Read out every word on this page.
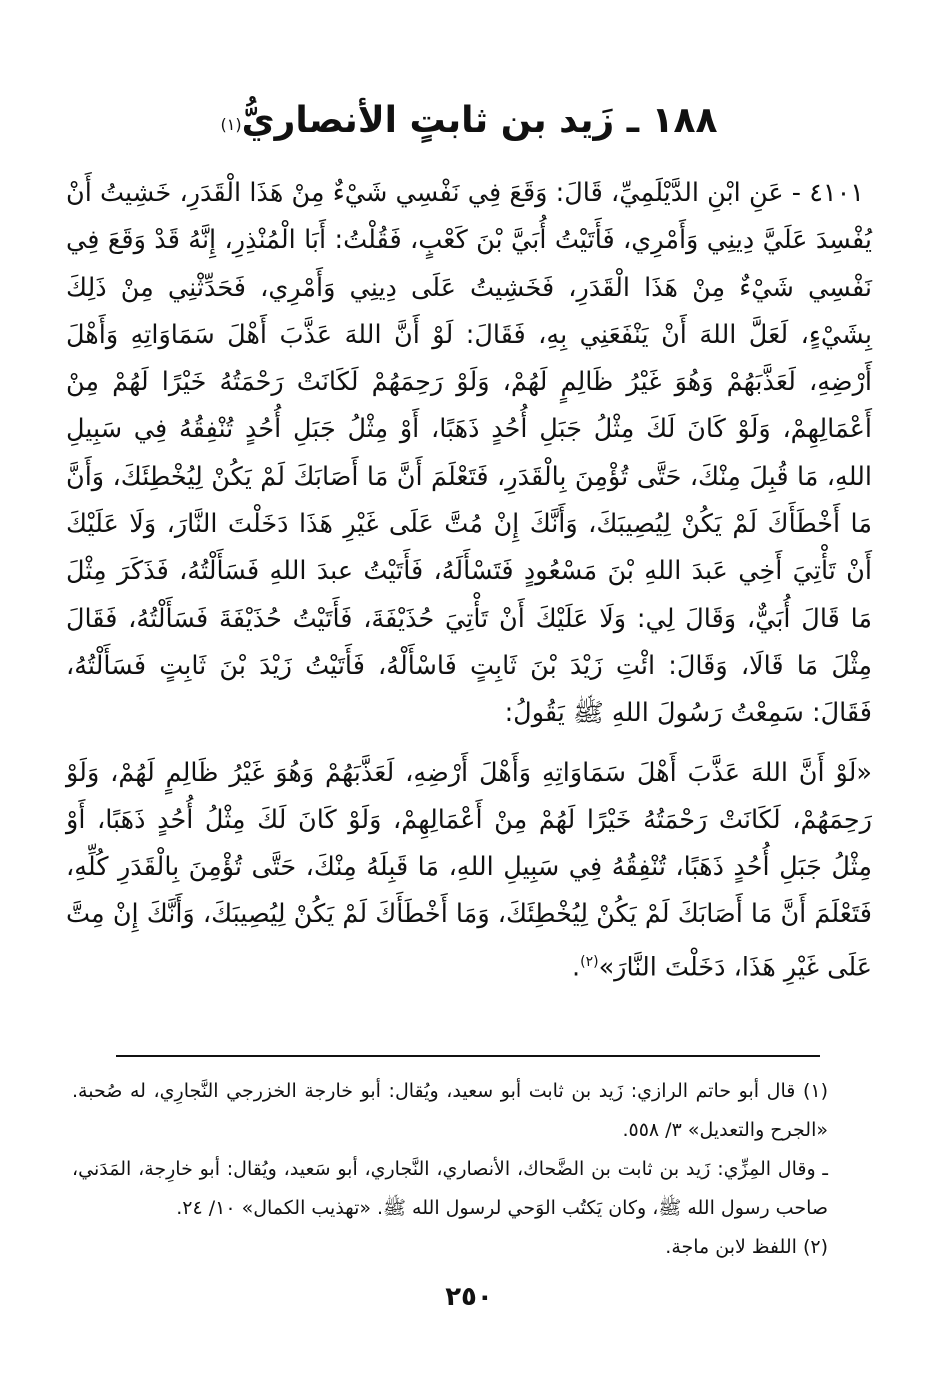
١٨٨ ـ زَيد بن ثابتٍ الأنصاريُّ$^{(١)}$

٤١٠١ - عَنِ ابْنِ الدَّيْلَمِيِّ، قَالَ: وَقَعَ فِي نَفْسِي شَيْءٌ مِنْ هَذَا الْقَدَرِ، خَشِيتُ أَنْ يُفْسِدَ عَلَيَّ دِينِي وَأَمْرِي، فَأَتَيْتُ أُبَيَّ بْنَ كَعْبٍ، فَقُلْتُ: أَبَا الْمُنْذِرِ، إِنَّهُ قَدْ وَقَعَ فِي نَفْسِي شَيْءٌ مِنْ هَذَا الْقَدَرِ، فَخَشِيتُ عَلَى دِينِي وَأَمْرِي، فَحَدِّثْنِي مِنْ ذَلِكَ بِشَيْءٍ، لَعَلَّ اللهَ أَنْ يَنْفَعَنِي بِهِ، فَقَالَ: لَوْ أَنَّ اللهَ عَذَّبَ أَهْلَ سَمَاوَاتِهِ وَأَهْلَ أَرْضِهِ، لَعَذَّبَهُمْ وَهُوَ غَيْرُ ظَالِمٍ لَهُمْ، وَلَوْ رَحِمَهُمْ لَكَانَتْ رَحْمَتُهُ خَيْرًا لَهُمْ مِنْ أَعْمَالِهِمْ، وَلَوْ كَانَ لَكَ مِثْلُ جَبَلِ أُحُدٍ ذَهَبًا، أَوْ مِثْلُ جَبَلِ أُحُدٍ تُنْفِقُهُ فِي سَبِيلِ اللهِ، مَا قُبِلَ مِنْكَ، حَتَّى تُؤْمِنَ بِالْقَدَرِ، فَتَعْلَمَ أَنَّ مَا أَصَابَكَ لَمْ يَكُنْ لِيُخْطِئَكَ، وَأَنَّ مَا أَخْطَأَكَ لَمْ يَكُنْ لِيُصِيبَكَ، وَأَنَّكَ إِنْ مُتَّ عَلَى غَيْرِ هَذَا دَخَلْتَ النَّارَ، وَلَا عَلَيْكَ أَنْ تَأْتِيَ أَخِي عَبدَ اللهِ بْنَ مَسْعُودٍ فَتَسْأَلَهُ، فَأَتَيْتُ عبدَ اللهِ فَسَأَلْتُهُ، فَذَكَرَ مِثْلَ مَا قَالَ أُبَيٌّ، وَقَالَ لِي: وَلَا عَلَيْكَ أَنْ تَأْتِيَ حُذَيْفَةَ، فَأَتَيْتُ حُذَيْفَةَ فَسَأَلْتُهُ، فَقَالَ مِثْلَ مَا قَالَا، وَقَالَ: ائْتِ زَيْدَ بْنَ ثَابِتٍ فَاسْأَلْهُ، فَأَتَيْتُ زَيْدَ بْنَ ثَابِتٍ فَسَأَلْتُهُ، فَقَالَ: سَمِعْتُ رَسُولَ اللهِ ﷺ يَقُولُ:

«لَوْ أَنَّ اللهَ عَذَّبَ أَهْلَ سَمَاوَاتِهِ وَأَهْلَ أَرْضِهِ، لَعَذَّبَهُمْ وَهُوَ غَيْرُ ظَالِمٍ لَهُمْ، وَلَوْ رَحِمَهُمْ، لَكَانَتْ رَحْمَتُهُ خَيْرًا لَهُمْ مِنْ أَعْمَالِهِمْ، وَلَوْ كَانَ لَكَ مِثْلُ أُحُدٍ ذَهَبًا، أَوْ مِثْلُ جَبَلِ أُحُدٍ ذَهَبًا، تُنْفِقُهُ فِي سَبِيلِ اللهِ، مَا قَبِلَهُ مِنْكَ، حَتَّى تُؤْمِنَ بِالْقَدَرِ كُلِّهِ، فَتَعْلَمَ أَنَّ مَا أَصَابَكَ لَمْ يَكُنْ لِيُخْطِئَكَ، وَمَا أَخْطَأَكَ لَمْ يَكُنْ لِيُصِيبَكَ، وَأَنَّكَ إِنْ مِتَّ عَلَى غَيْرِ هَذَا، دَخَلْتَ النَّارَ»$^{(٢)}$.

(١) قال أبو حاتم الرازي: زَيد بن ثابت أبو سعيد، ويُقال: أبو خارجة الخزرجي النَّجارِي، له صُحبة. «الجرح والتعديل» ٣/ ٥٥٨.

ـ وقال المِزِّي: زَيد بن ثابت بن الضَّحاك، الأنصاري، النَّجاري، أبو سَعيد، ويُقال: أبو خارِجة، المَدَني، صاحب رسول الله ﷺ، وكان يَكتُب الوَحي لرسول الله ﷺ. «تهذيب الكمال» ١٠/ ٢٤.

(٢) اللفظ لابن ماجة.

٢٥٠
